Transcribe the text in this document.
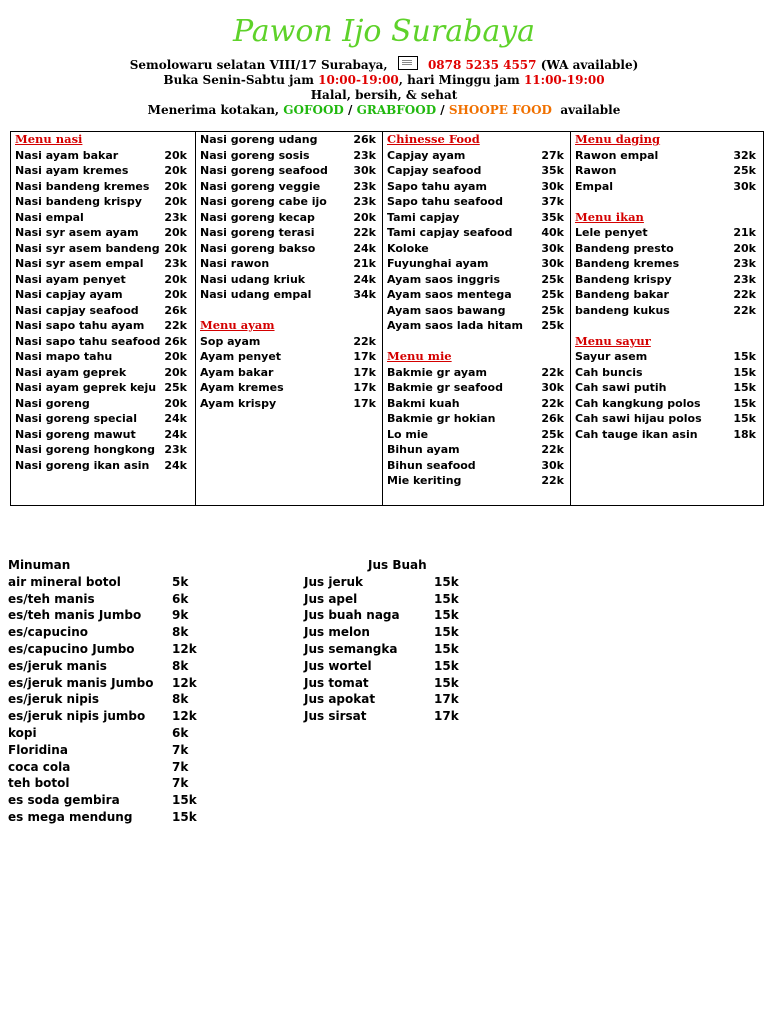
Pawon Ijo Surabaya
Semolowaru selatan VIII/17 Surabaya,	0878 5235 4557 (WA available)
Buka Senin-Sabtu jam 10:00-19:00, hari Minggu jam 11:00-19:00
Halal, bersih, & sehat
Menerima kotakan, GOFOOD / GRABFOOD / SHOOPE FOOD available
Menu nasi
Nasi ayam bakar	20k
Nasi ayam kremes	20k
Nasi bandeng kremes 20k
Nasi bandeng krispy 20k
Nasi empal	23k
Nasi syr asem ayam 20k
Nasi syr asem bandeng 20k
Nasi syr asem empal 23k
Nasi ayam penyet	20k
Nasi capjay ayam	20k
Nasi capjay seafood 26k
Nasi sapo tahu ayam 22k
Nasi sapo tahu seafood 26k
Nasi mapo tahu	20k
Nasi ayam geprek	20k
Nasi ayam geprek keju 25k
Nasi goreng	20k
Nasi goreng special 24k
Nasi goreng mawut	24k
Nasi goreng hongkong 23k
Nasi goreng ikan asin 24k
Nasi goreng udang	26k
Nasi goreng sosis	23k
Nasi goreng seafood 30k
Nasi goreng veggie	23k
Nasi goreng cabe ijo 23k
Nasi goreng kecap	20k
Nasi goreng terasi	22k
Nasi goreng bakso	24k
Nasi rawon	21k
Nasi udang kriuk	24k
Nasi udang empal	34k
Menu ayam
Sop ayam	22k
Ayam penyet	17k
Ayam bakar	17k
Ayam kremes	17k
Ayam krispy	17k
Chinesse Food
Capjay ayam	27k
Capjay seafood	35k
Sapo tahu ayam	30k
Sapo tahu seafood	37k
Tami capjay	35k
Tami capjay seafood	40k
Koloke	30k
Fuyunghai ayam	30k
Ayam saos inggris	25k
Ayam saos mentega	25k
Ayam saos bawang	25k
Ayam saos lada hitam 25k
Menu mie
Bakmie gr ayam	22k
Bakmie gr seafood	30k
Bakmi kuah	22k
Bakmie gr hokian	26k
Lo mie	25k
Bihun ayam	22k
Bihun seafood	30k
Mie keriting	22k
Menu daging
Rawon empal	32k
Rawon	25k
Empal	30k
Menu ikan
Lele penyet	21k
Bandeng presto	20k
Bandeng kremes	23k
Bandeng krispy	23k
Bandeng bakar	22k
bandeng kukus	22k
Menu sayur
Sayur asem	15k
Cah buncis	15k
Cah sawi putih	15k
Cah kangkung polos	15k
Cah sawi hijau polos	15k
Cah tauge ikan asin	18k
Minuman
air mineral botol	5k
es/teh manis	6k
es/teh manis Jumbo	9k
es/capucino	8k
es/capucino Jumbo	12k
es/jeruk manis	8k
es/jeruk manis Jumbo 12k
es/jeruk nipis	8k
es/jeruk nipis jumbo 12k
kopi	6k
Floridina	7k
coca cola	7k
teh botol	7k
es soda gembira	15k
es mega mendung	15k
Jus Buah
Jus jeruk	15k
Jus apel	15k
Jus buah naga	15k
Jus melon	15k
Jus semangka	15k
Jus wortel	15k
Jus tomat	15k
Jus apokat	17k
Jus sirsat	17k
